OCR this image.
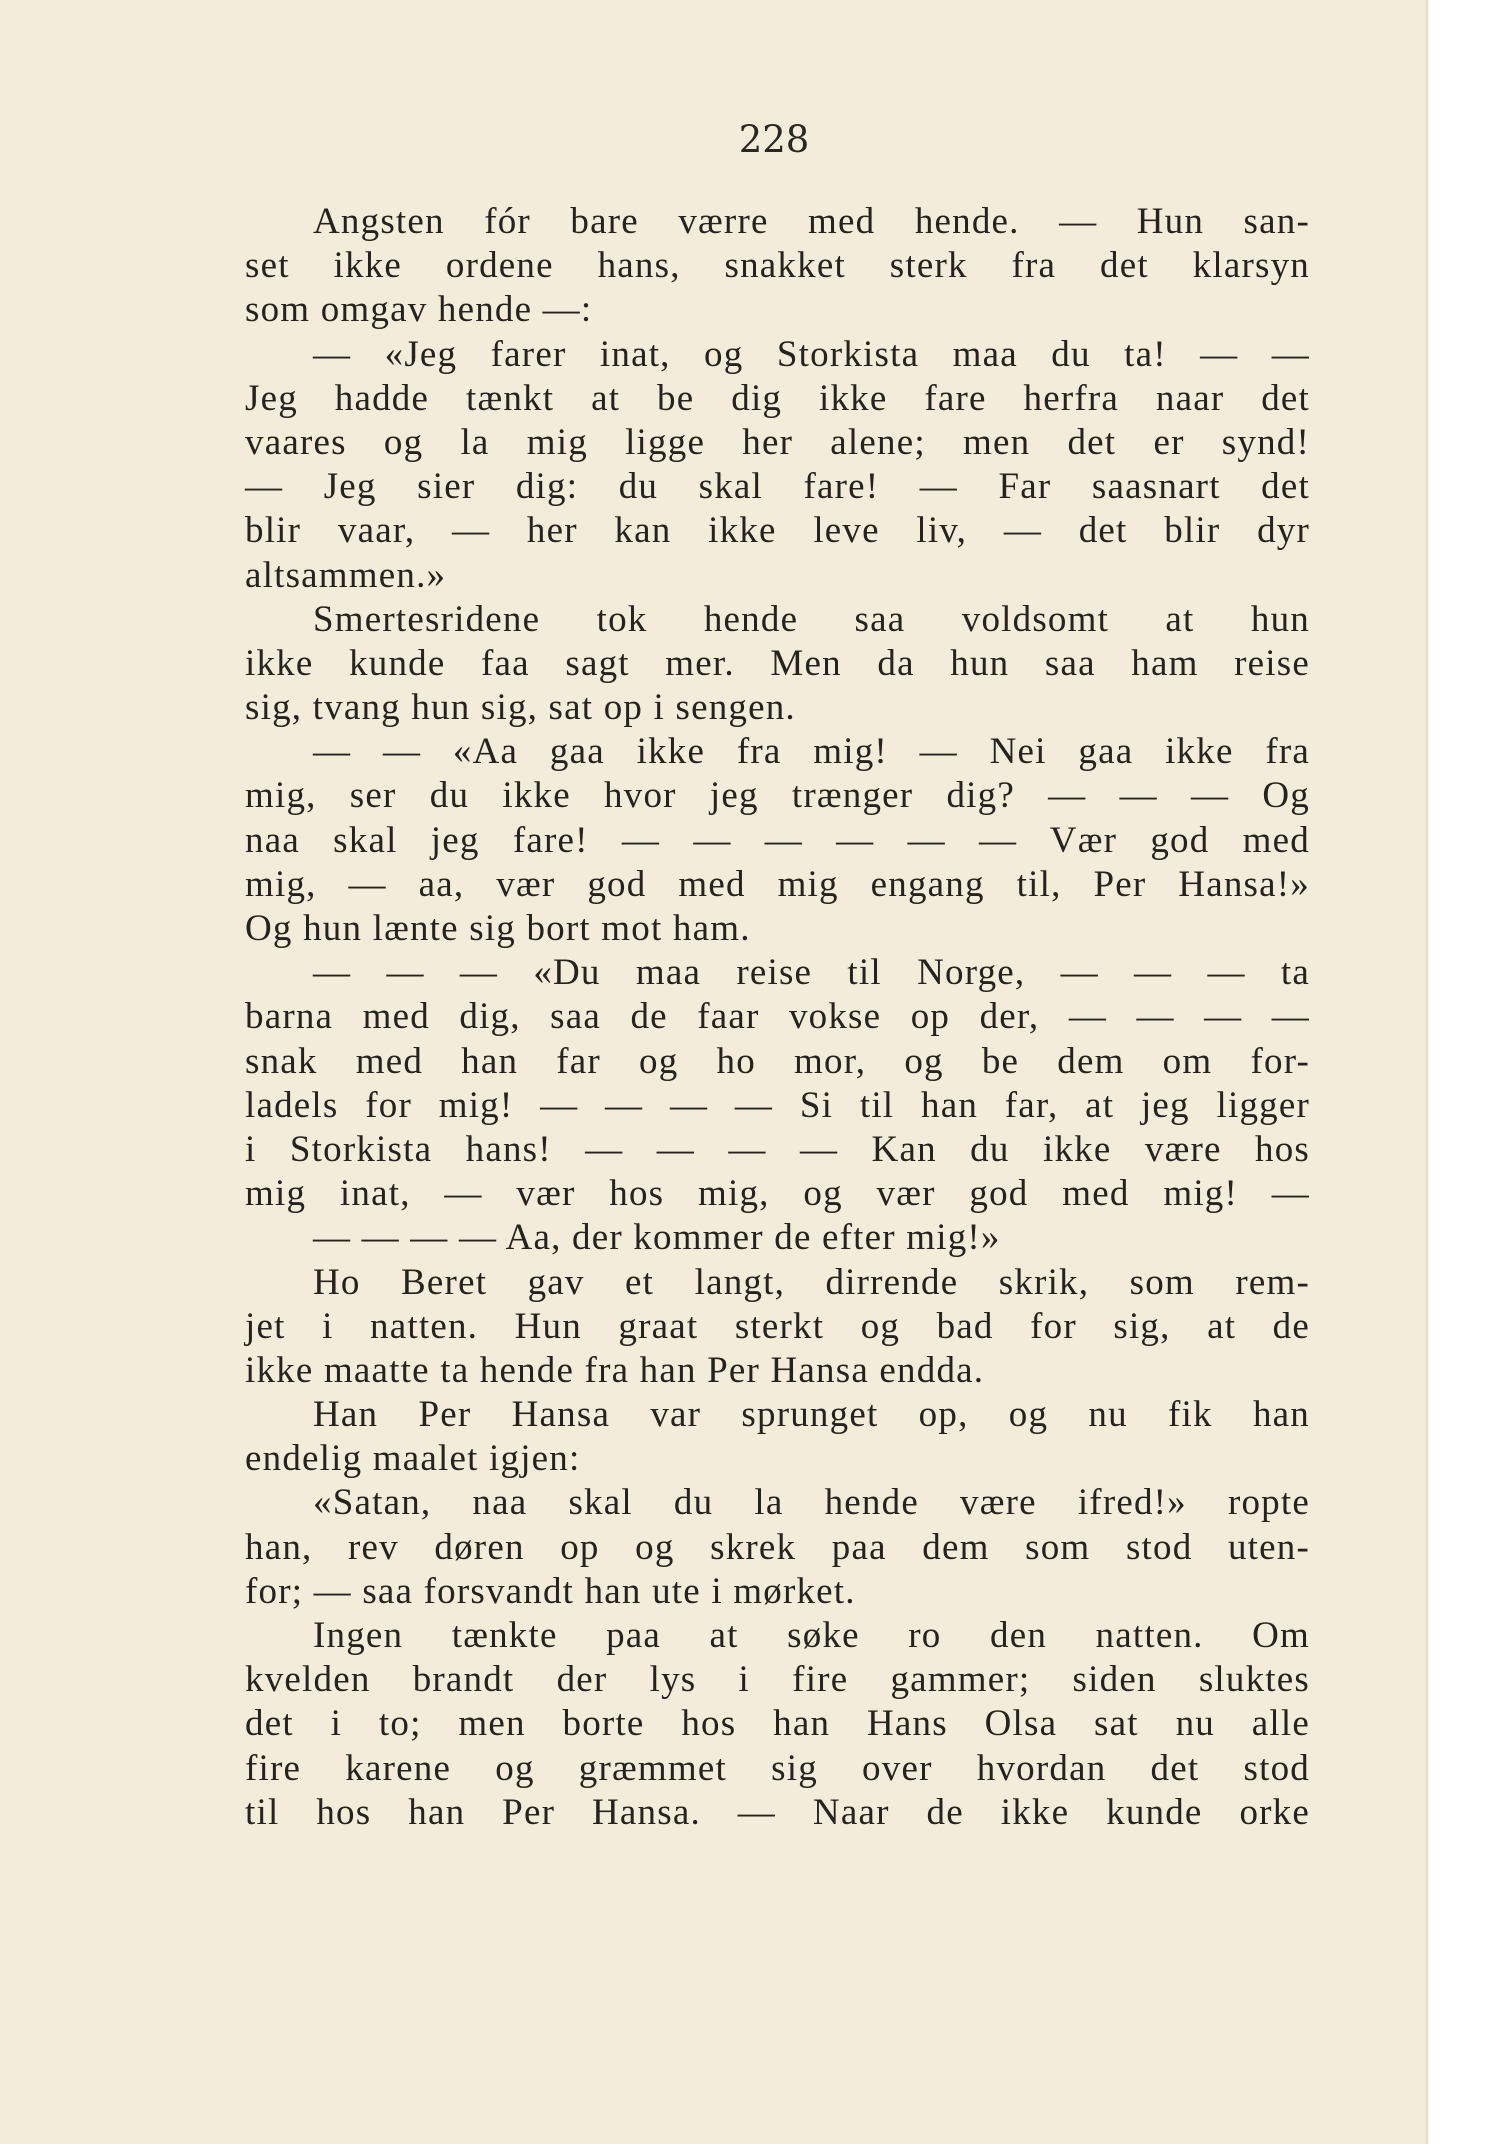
228
Angsten fór bare værre med hende. — Hun san-
set ikke ordene hans, snakket sterk fra det klarsyn
som omgav hende —:
— «Jeg farer inat, og Storkista maa du ta! — —
Jeg hadde tænkt at be dig ikke fare herfra naar det
vaares og la mig ligge her alene; men det er synd!
— Jeg sier dig: du skal fare! — Far saasnart det
blir vaar, — her kan ikke leve liv, — det blir dyr
altsammen.»
Smertesridene tok hende saa voldsomt at hun
ikke kunde faa sagt mer. Men da hun saa ham reise
sig, tvang hun sig, sat op i sengen.
— — «Aa gaa ikke fra mig! — Nei gaa ikke fra
mig, ser du ikke hvor jeg trænger dig? — — — Og
naa skal jeg fare! — — — — — — Vær god med
mig, — aa, vær god med mig engang til, Per Hansa!»
Og hun lænte sig bort mot ham.
— — — «Du maa reise til Norge, — — — ta
barna med dig, saa de faar vokse op der, — — — —
snak med han far og ho mor, og be dem om for-
ladels for mig! — — — — Si til han far, at jeg ligger
i Storkista hans! — — — — Kan du ikke være hos
mig inat, — vær hos mig, og vær god med mig! —
— — — — Aa, der kommer de efter mig!»
Ho Beret gav et langt, dirrende skrik, som rem-
jet i natten. Hun graat sterkt og bad for sig, at de
ikke maatte ta hende fra han Per Hansa endda.
Han Per Hansa var sprunget op, og nu fik han
endelig maalet igjen:
«Satan, naa skal du la hende være ifred!» ropte
han, rev døren op og skrek paa dem som stod uten-
for; — saa forsvandt han ute i mørket.
Ingen tænkte paa at søke ro den natten. Om
kvelden brandt der lys i fire gammer; siden sluktes
det i to; men borte hos han Hans Olsa sat nu alle
fire karene og græmmet sig over hvordan det stod
til hos han Per Hansa. — Naar de ikke kunde orke
